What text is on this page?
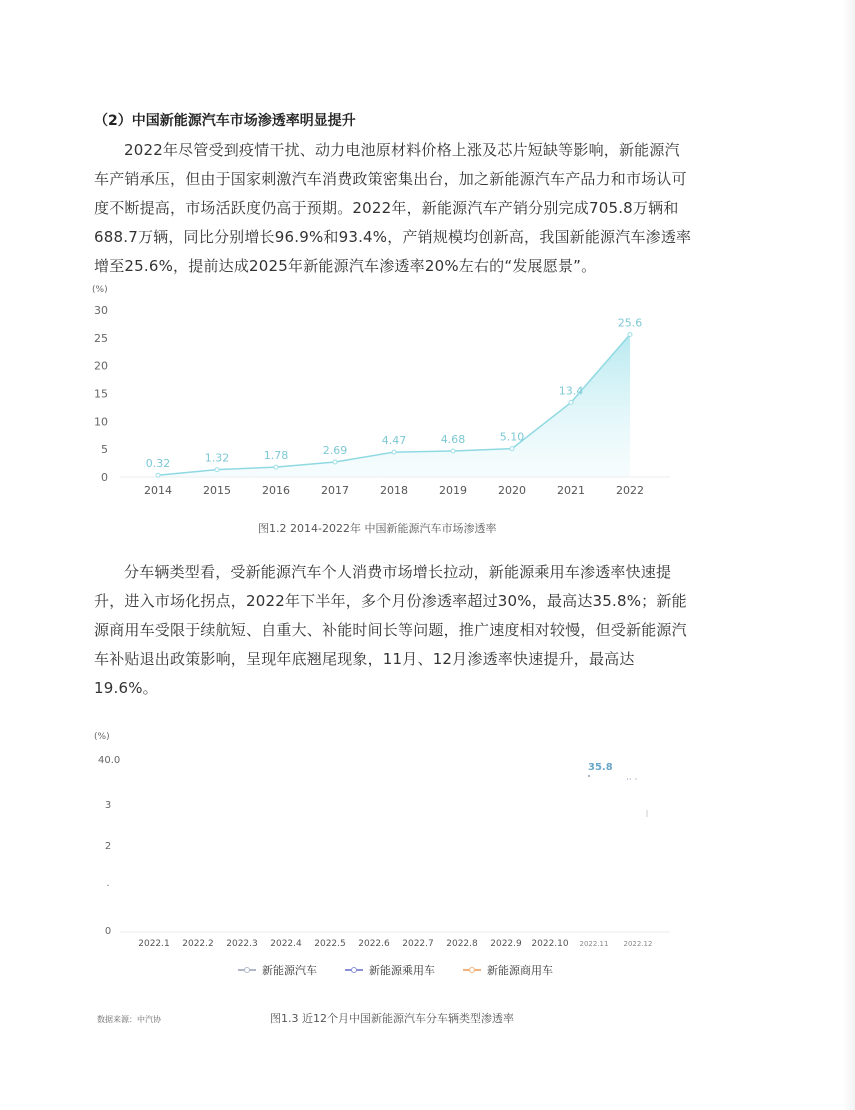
（2）中国新能源汽车市场渗透率明显提升

2022年尽管受到疫情干扰、动力电池原材料价格上涨及芯片短缺等影响，新能源汽车产销承压，但由于国家刺激汽车消费政策密集出台，加之新能源汽车产品力和市场认可度不断提高，市场活跃度仍高于预期。2022年，新能源汽车产销分别完成705.8万辆和688.7万辆，同比分别增长96.9%和93.4%，产销规模均创新高，我国新能源汽车渗透率增至25.6%，提前达成2025年新能源汽车渗透率20%左右的“发展愿景”。

(%)
0
5
10
15
20
25
30
0.32	1.32	1.78	2.69
4.47	4.68	5.10
13.4
25.6
2014	2015	2016	2017	2018	2019	2020	2021	2022
图1.2 2014-2022年 中国新能源汽车市场渗透率

分车辆类型看，受新能源汽车个人消费市场增长拉动，新能源乘用车渗透率快速提升，进入市场化拐点，2022年下半年，多个月份渗透率超过30%，最高达35.8%；新能源商用车受限于续航短、自重大、补能时间长等问题，推广速度相对较慢，但受新能源汽车补贴退出政策影响，呈现年底翘尾现象，11月、12月渗透率快速提升，最高达19.6%。

(%)
40.0
3
2
·
0
2022.1 2022.2 2022.3 2022.4 2022.5 2022.6 2022.7 2022.8 2022.9 2022.10 2022.11 2022.12
35.8
·· ·
新能源汽车	新能源乘用车	新能源商用车
数据来源：中汽协	图1.3 近12个月中国新能源汽车分车辆类型渗透率
